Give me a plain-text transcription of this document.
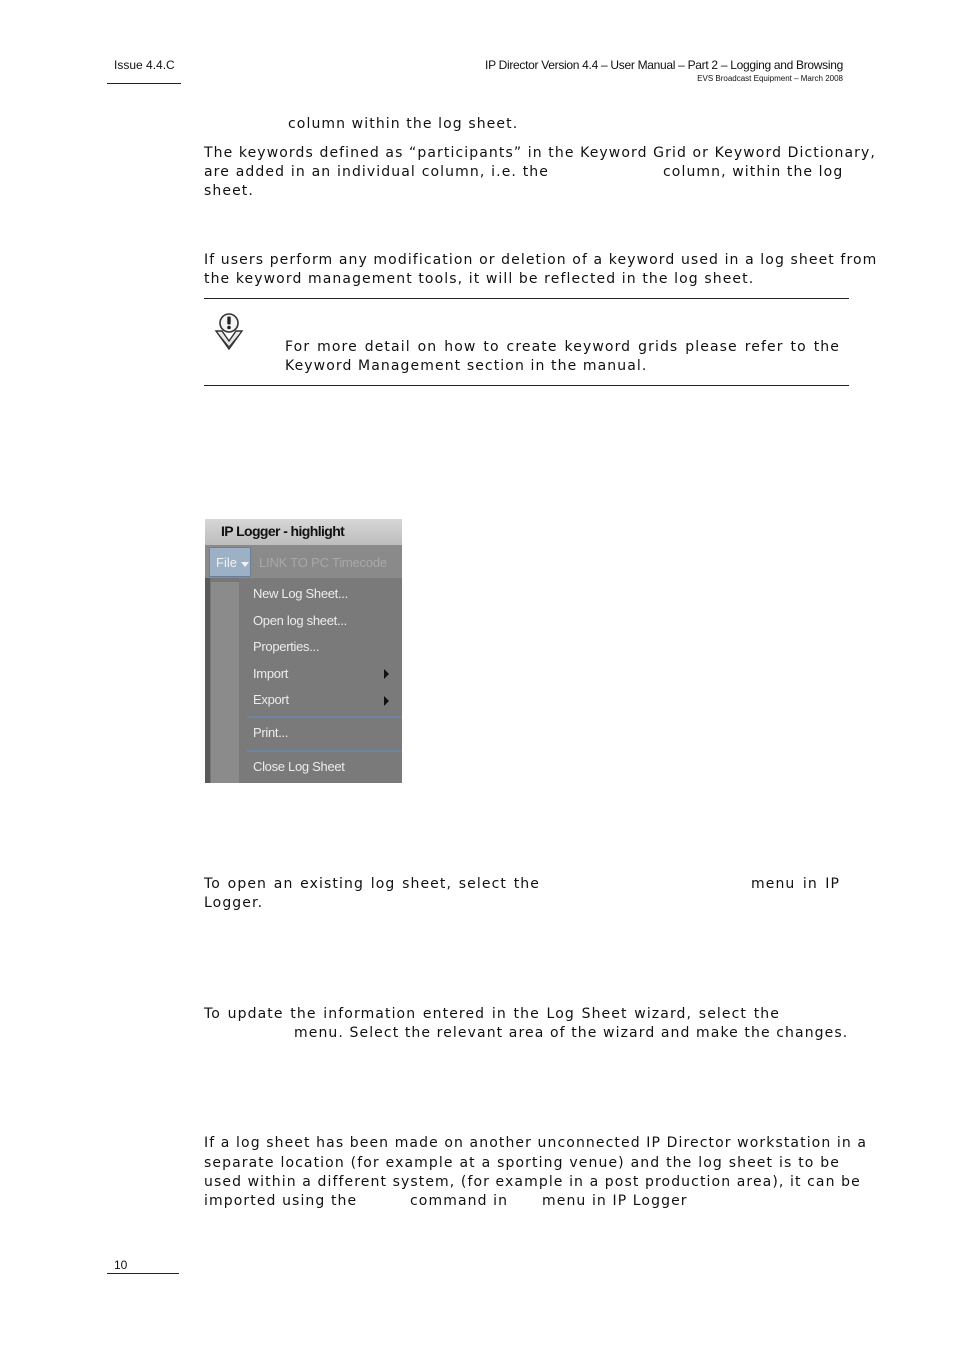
Issue 4.4.C	IP Director Version 4.4 – User Manual – Part 2 – Logging and Browsing
EVS Broadcast Equipment – March 2008
column within the log sheet.
The keywords defined as “participants” in the Keyword Grid or Keyword Dictionary,
are added in an individual column, i.e. the	column, within the log
sheet.
If users perform any modification or deletion of a keyword used in a log sheet from
the keyword management tools, it will be reflected in the log sheet.
For more detail on how to create keyword grids please refer to the
Keyword Management section in the manual.
IP Logger - highlight
File LINK TO PC Timecode
New Log Sheet...
Open log sheet...
Properties...
Import
Export
Print...
Close Log Sheet
To open an existing log sheet, select the	menu in IP
Logger.
To update the information entered in the Log Sheet wizard, select the
menu. Select the relevant area of the wizard and make the changes.
If a log sheet has been made on another unconnected IP Director workstation in a
separate location (for example at a sporting venue) and the log sheet is to be
used within a different system, (for example in a post production area), it can be
imported using the	command in menu in IP Logger
10
